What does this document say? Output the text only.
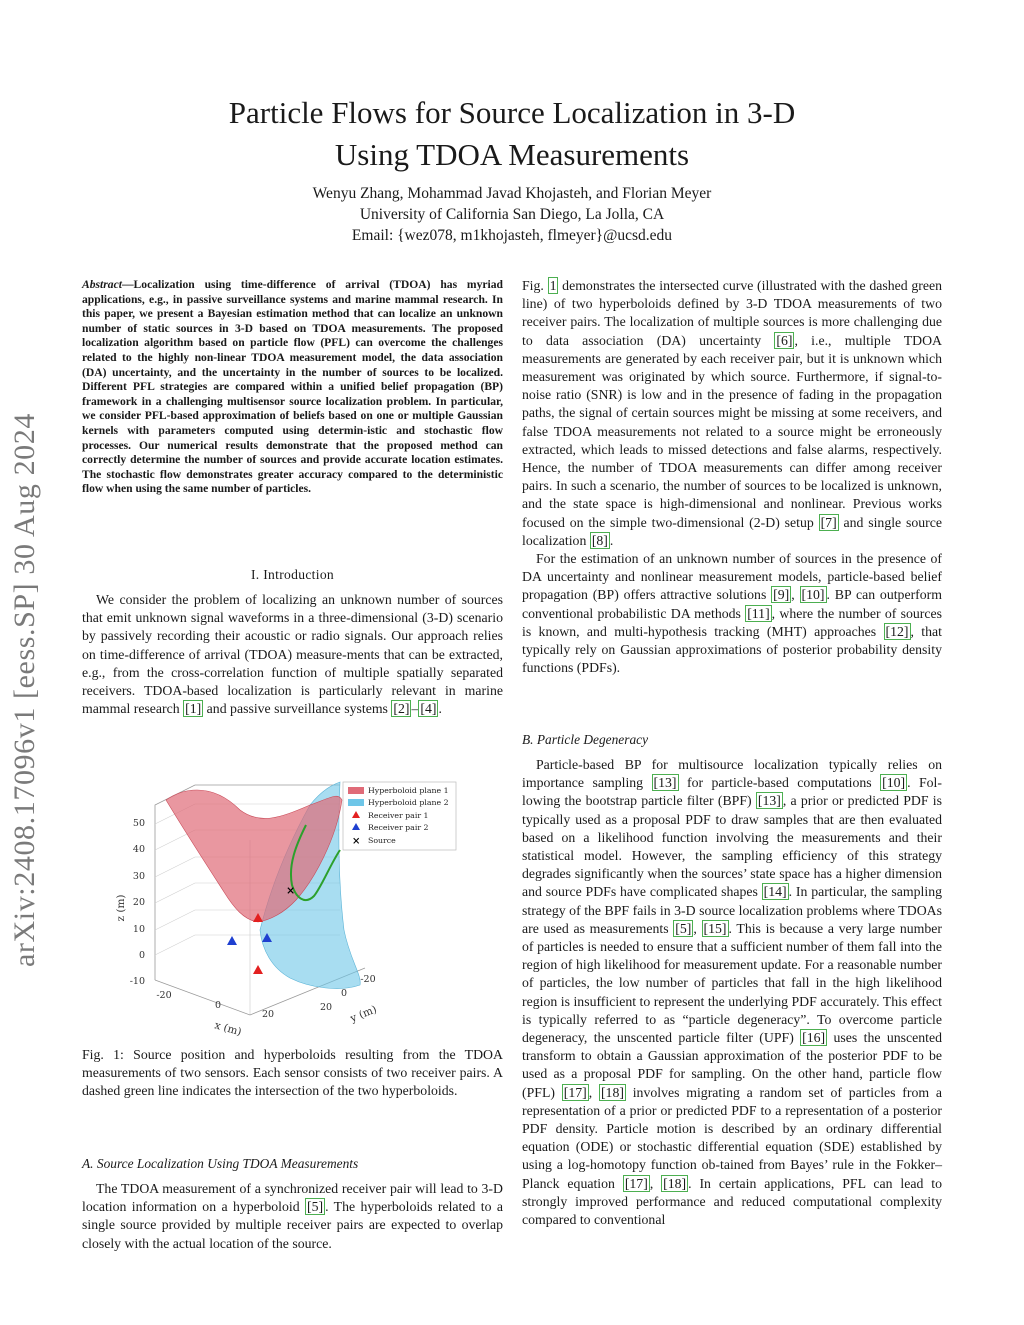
arXiv:2408.17096v1 [eess.SP] 30 Aug 2024
Particle Flows for Source Localization in 3-D
Using TDOA Measurements
Wenyu Zhang, Mohammad Javad Khojasteh, and Florian Meyer
University of California San Diego, La Jolla, CA
Email: {wez078, m1khojasteh, flmeyer}@ucsd.edu
Abstract—Localization using time-difference of arrival (TDOA) has myriad applications, e.g., in passive surveillance systems and marine mammal research. In this paper, we present a Bayesian estimation method that can localize an unknown number of static sources in 3-D based on TDOA measurements. The proposed localization algorithm based on particle flow (PFL) can overcome the challenges related to the highly non-linear TDOA measurement model, the data association (DA) uncertainty, and the uncertainty in the number of sources to be localized. Different PFL strategies are compared within a unified belief propagation (BP) framework in a challenging multisensor source localization problem. In particular, we consider PFL-based approximation of beliefs based on one or multiple Gaussian kernels with parameters computed using determin-istic and stochastic flow processes. Our numerical results demonstrate that the proposed method can correctly determine the number of sources and provide accurate location estimates. The stochastic flow demonstrates greater accuracy compared to the deterministic flow when using the same number of particles.
I. Introduction

We consider the problem of localizing an unknown number of sources that emit unknown signal waveforms in a three-dimensional (3-D) scenario by passively recording their acoustic or radio signals. Our approach relies on time-difference of arrival (TDOA) measure-ments that can be extracted, e.g., from the cross-correlation function of multiple spatially separated receivers. TDOA-based localization is particularly relevant in marine mammal research [1] and passive surveillance systems [2] – [4] .

×
50
40
30
20
10
0
-10
z (m)
-20
0
20
x (m)
-20
0
20 y (m)
Hyperboloid plane 1
Hyperboloid plane 2
Receiver pair 1
Receiver pair 2
× Source
Fig. 1: Source position and hyperboloids resulting from the TDOA measurements of two sensors. Each sensor consists of two receiver pairs. A dashed green line indicates the intersection of the two hyperboloids.
A. Source Localization Using TDOA Measurements

The TDOA measurement of a synchronized receiver pair will lead to 3-D location information on a hyperboloid [5] . The hyperboloids related to a single source provided by multiple receiver pairs are expected to overlap closely with the actual location of the source.

Fig. 1 demonstrates the intersected curve (illustrated with the dashed green line) of two hyperboloids defined by 3-D TDOA measurements of two receiver pairs. The localization of multiple sources is more challenging due to data association (DA) uncertainty [6] , i.e., multiple TDOA measurements are generated by each receiver pair, but it is unknown which measurement was originated by which source. Furthermore, if signal-to-noise ratio (SNR) is low and in the presence of fading in the propagation paths, the signal of certain sources might be missing at some receivers, and false TDOA measurements not related to a source might be erroneously extracted, which leads to missed detections and false alarms, respectively. Hence, the number of TDOA measurements can differ among receiver pairs. In such a scenario, the number of sources to be localized is unknown, and the state space is high-dimensional and nonlinear. Previous works focused on the simple two-dimensional (2-D) setup [7] and single source localization [8] .

For the estimation of an unknown number of sources in the presence of DA uncertainty and nonlinear measurement models, particle-based belief propagation (BP) offers attractive solutions [9] , [10] . BP can outperform conventional probabilistic DA methods [11] , where the number of sources is known, and multi-hypothesis tracking (MHT) approaches [12] , that typically rely on Gaussian approximations of posterior probability density functions (PDFs).

B. Particle Degeneracy

Particle-based BP for multisource localization typically relies on importance sampling [13] for particle-based computations [10] . Fol-lowing the bootstrap particle filter (BPF) [13] , a prior or predicted PDF is typically used as a proposal PDF to draw samples that are then evaluated based on a likelihood function involving the measurements and their statistical model. However, the sampling efficiency of this strategy degrades significantly when the sources’ state space has a higher dimension and source PDFs have complicated shapes [14] . In particular, the sampling strategy of the BPF fails in 3-D source localization problems where TDOAs are used as measurements [5] , [15] . This is because a very large number of particles is needed to ensure that a sufficient number of them fall into the region of high likelihood for measurement update. For a reasonable number of particles, the low number of particles that fall in the high likelihood region is insufficient to represent the underlying PDF accurately. This effect is typically referred to as “particle degeneracy”. To overcome particle degeneracy, the unscented particle filter (UPF) [16] uses the unscented transform to obtain a Gaussian approximation of the posterior PDF to be used as a proposal PDF for sampling. On the other hand, particle flow (PFL) [17] , [18] involves migrating a random set of particles from a representation of a prior or predicted PDF to a representation of a posterior PDF density. Particle motion is described by an ordinary differential equation (ODE) or stochastic differential equation (SDE) established by using a log-homotopy function ob-tained from Bayes’ rule in the Fokker–Planck equation [17] , [18] . In certain applications, PFL can lead to strongly improved performance and reduced computational complexity compared to conventional
